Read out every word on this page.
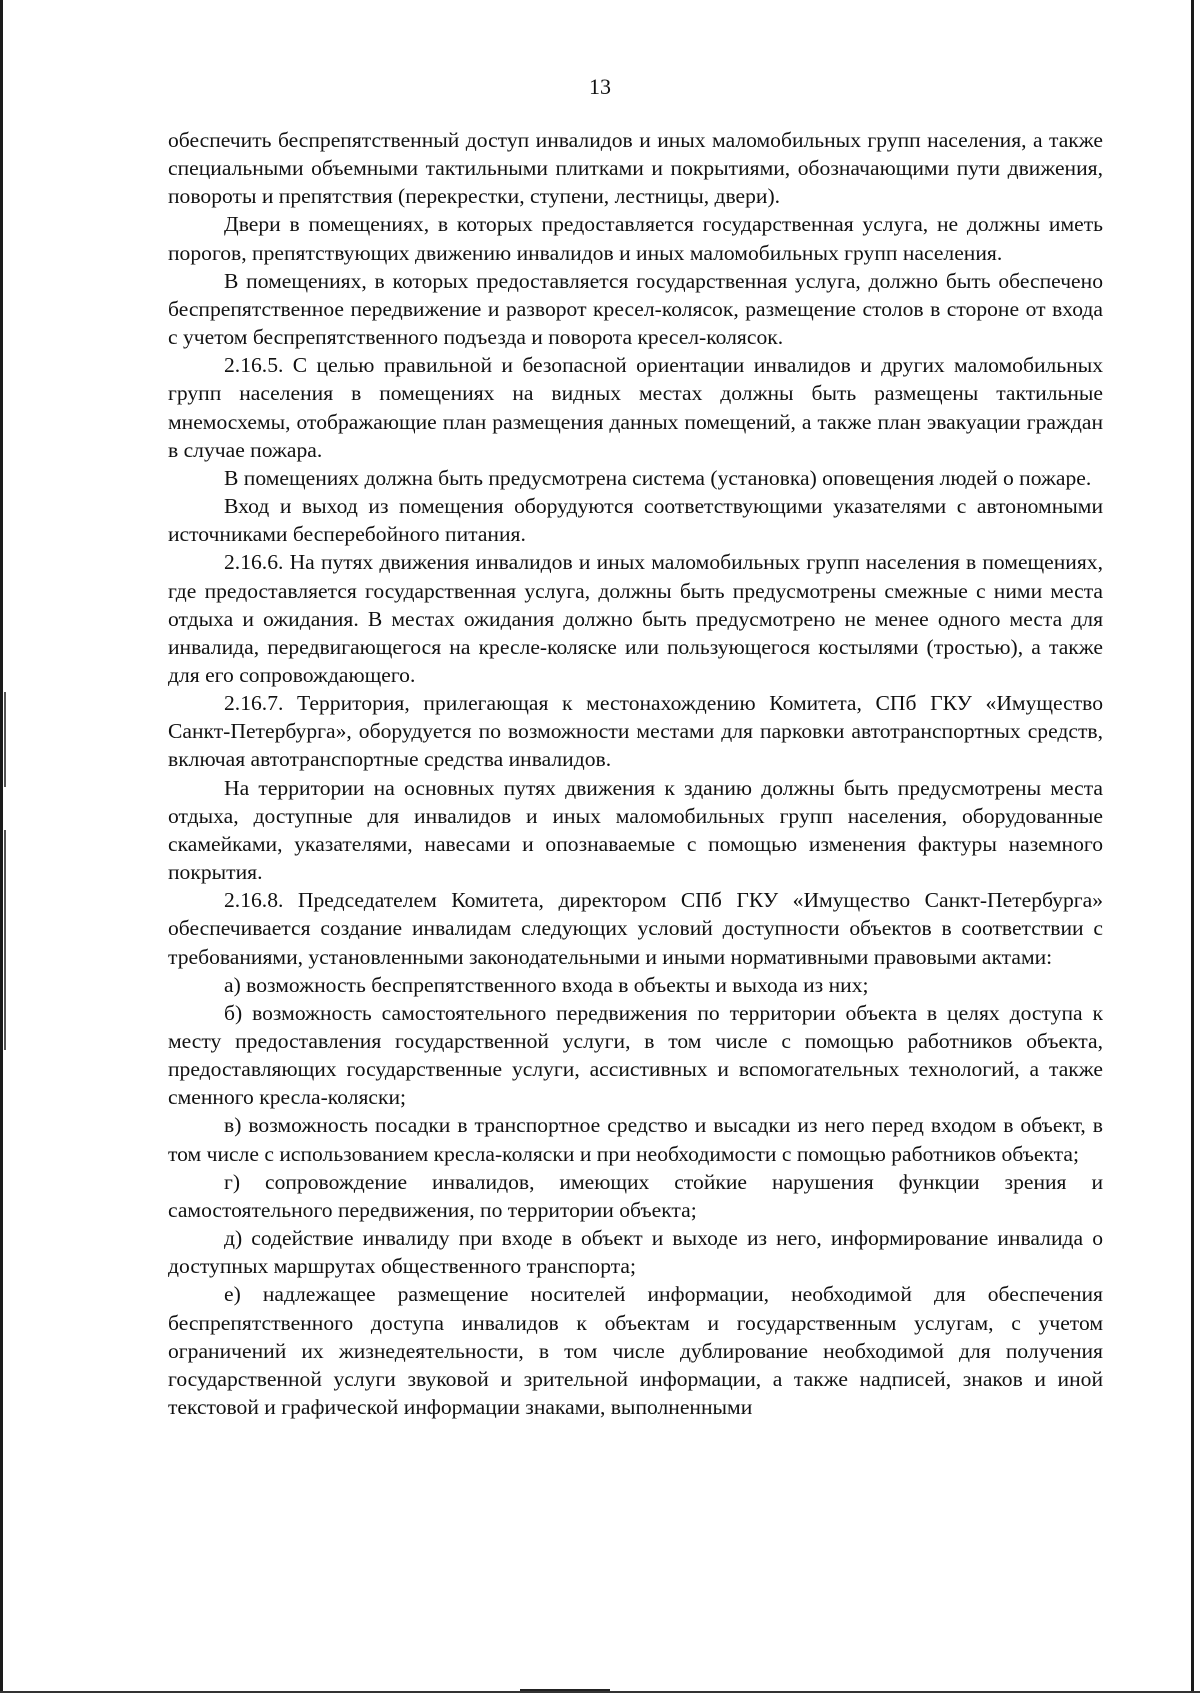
13

обеспечить беспрепятственный доступ инвалидов и иных маломобильных групп населения, а также специальными объемными тактильными плитками и покрытиями, обозначающими пути движения, повороты и препятствия (перекрестки, ступени, лестницы, двери).

Двери в помещениях, в которых предоставляется государственная услуга, не должны иметь порогов, препятствующих движению инвалидов и иных маломобильных групп населения.

В помещениях, в которых предоставляется государственная услуга, должно быть обеспечено беспрепятственное передвижение и разворот кресел-колясок, размещение столов в стороне от входа с учетом беспрепятственного подъезда и поворота кресел-колясок.

2.16.5. С целью правильной и безопасной ориентации инвалидов и других маломобильных групп населения в помещениях на видных местах должны быть размещены тактильные мнемосхемы, отображающие план размещения данных помещений, а также план эвакуации граждан в случае пожара.

В помещениях должна быть предусмотрена система (установка) оповещения людей о пожаре.

Вход и выход из помещения оборудуются соответствующими указателями с автономными источниками бесперебойного питания.

2.16.6. На путях движения инвалидов и иных маломобильных групп населения в помещениях, где предоставляется государственная услуга, должны быть предусмотрены смежные с ними места отдыха и ожидания. В местах ожидания должно быть предусмотрено не менее одного места для инвалида, передвигающегося на кресле-коляске или пользующегося костылями (тростью), а также для его сопровождающего.

2.16.7. Территория, прилегающая к местонахождению Комитета, СПб ГКУ «Имущество Санкт-Петербурга», оборудуется по возможности местами для парковки автотранспортных средств, включая автотранспортные средства инвалидов.

На территории на основных путях движения к зданию должны быть предусмотрены места отдыха, доступные для инвалидов и иных маломобильных групп населения, оборудованные скамейками, указателями, навесами и опознаваемые с помощью изменения фактуры наземного покрытия.

2.16.8. Председателем Комитета, директором СПб ГКУ «Имущество Санкт-Петербурга» обеспечивается создание инвалидам следующих условий доступности объектов в соответствии с требованиями, установленными законодательными и иными нормативными правовыми актами:

а) возможность беспрепятственного входа в объекты и выхода из них;

б) возможность самостоятельного передвижения по территории объекта в целях доступа к месту предоставления государственной услуги, в том числе с помощью работников объекта, предоставляющих государственные услуги, ассистивных и вспомогательных технологий, а также сменного кресла-коляски;

в) возможность посадки в транспортное средство и высадки из него перед входом в объект, в том числе с использованием кресла-коляски и при необходимости с помощью работников объекта;

г) сопровождение инвалидов, имеющих стойкие нарушения функции зрения и самостоятельного передвижения, по территории объекта;

д) содействие инвалиду при входе в объект и выходе из него, информирование инвалида о доступных маршрутах общественного транспорта;

е) надлежащее размещение носителей информации, необходимой для обеспечения беспрепятственного доступа инвалидов к объектам и государственным услугам, с учетом ограничений их жизнедеятельности, в том числе дублирование необходимой для получения государственной услуги звуковой и зрительной информации, а также надписей, знаков и иной текстовой и графической информации знаками, выполненными
